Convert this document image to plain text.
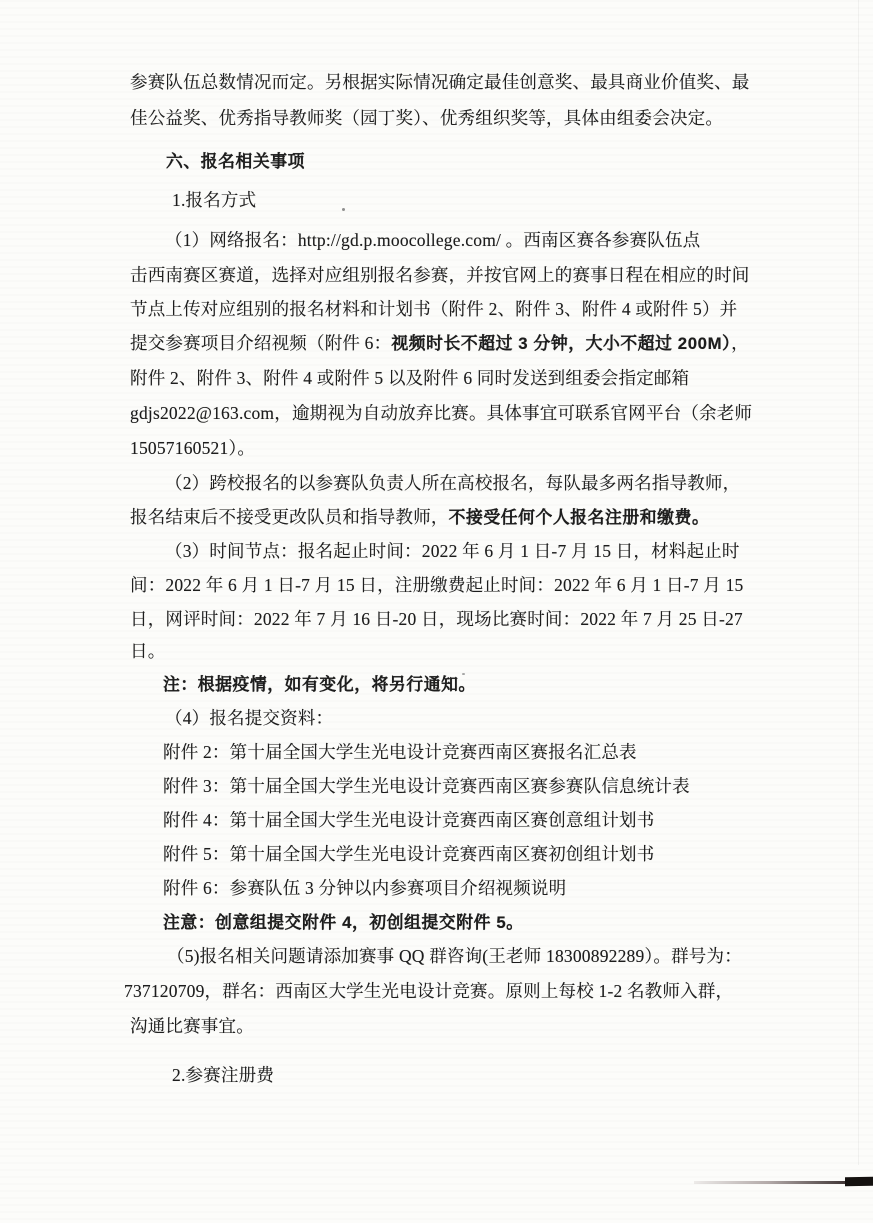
参赛队伍总数情况而定。另根据实际情况确定最佳创意奖、最具商业价值奖、最
佳公益奖、优秀指导教师奖（园丁奖）、优秀组织奖等，具体由组委会决定。
六、报名相关事项
1.报名方式
（1）网络报名：http://gd.p.moocollege.com/ 。西南区赛各参赛队伍点
击西南赛区赛道，选择对应组别报名参赛，并按官网上的赛事日程在相应的时间
节点上传对应组别的报名材料和计划书（附件 2、附件 3、附件 4 或附件 5）并
提交参赛项目介绍视频（附件 6：视频时长不超过 3 分钟，大小不超过 200M），
附件 2、附件 3、附件 4 或附件 5 以及附件 6 同时发送到组委会指定邮箱
gdjs2022@163.com，逾期视为自动放弃比赛。具体事宜可联系官网平台（余老师
15057160521）。
（2）跨校报名的以参赛队负责人所在高校报名，每队最多两名指导教师，
报名结束后不接受更改队员和指导教师，不接受任何个人报名注册和缴费。
（3）时间节点：报名起止时间：2022 年 6 月 1 日-7 月 15 日，材料起止时
间：2022 年 6 月 1 日-7 月 15 日，注册缴费起止时间：2022 年 6 月 1 日-7 月 15
日，网评时间：2022 年 7 月 16 日-20 日，现场比赛时间：2022 年 7 月 25 日-27
日。
注：根据疫情，如有变化，将另行通知。
（4）报名提交资料：
附件 2：第十届全国大学生光电设计竞赛西南区赛报名汇总表
附件 3：第十届全国大学生光电设计竞赛西南区赛参赛队信息统计表
附件 4：第十届全国大学生光电设计竞赛西南区赛创意组计划书
附件 5：第十届全国大学生光电设计竞赛西南区赛初创组计划书
附件 6：参赛队伍 3 分钟以内参赛项目介绍视频说明
注意：创意组提交附件 4，初创组提交附件 5。
（5)报名相关问题请添加赛事 QQ 群咨询(王老师 18300892289）。群号为：
737120709，群名：西南区大学生光电设计竞赛。原则上每校 1-2 名教师入群，
沟通比赛事宜。
2.参赛注册费
